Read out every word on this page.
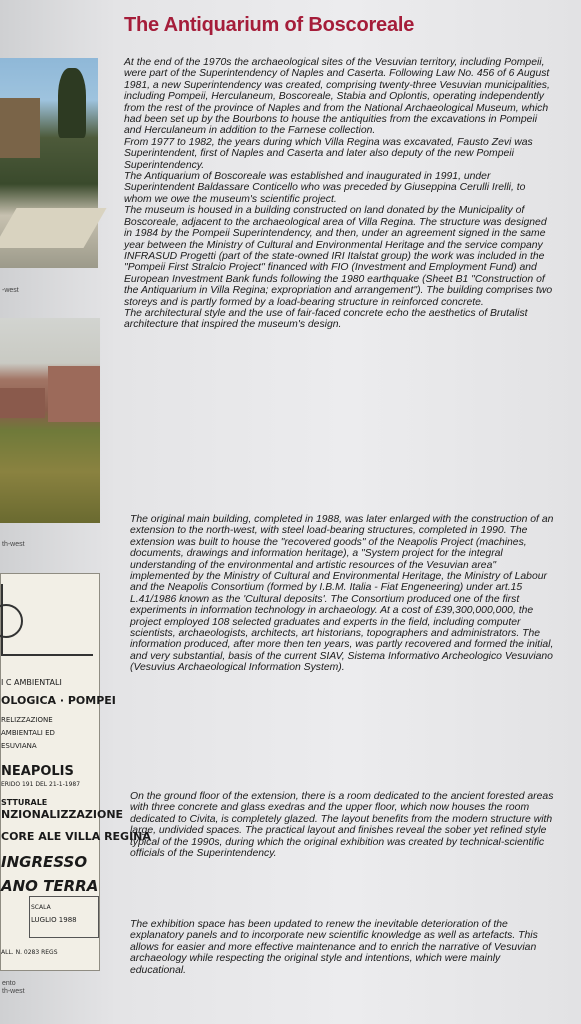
-west
th-west
I C AMBIENTALI
OLOGICA · POMPEI
RELIZZAZIONE
AMBIENTALI ED
ESUVIANA
NEAPOLIS
ERIDO 191 DEL 21-1-1987
STTURALE
NZIONALIZZAZIONE
CORE ALE VILLA REGINA
INGRESSO
ANO TERRA
SCALA
LUGLIO 1988
ALL. N. 0283 REGS
ento
th-west
The Antiquarium of Boscoreale

At the end of the 1970s the archaeological sites of the Vesuvian territory, including Pompeii, were part of the Superintendency of Naples and Caserta. Following Law No. 456 of 6 August 1981, a new Superintendency was created, comprising twenty-three Vesuvian municipalities, including Pompeii, Herculaneum, Boscoreale, Stabia and Oplontis, operating independently from the rest of the province of Naples and from the National Archaeological Museum, which had been set up by the Bourbons to house the antiquities from the excavations in Pompeii and Herculaneum in addition to the Farnese collection.

From 1977 to 1982, the years during which Villa Regina was excavated, Fausto Zevi was Superintendent, first of Naples and Caserta and later also deputy of the new Pompeii Superintendency.

The Antiquarium of Boscoreale was established and inaugurated in 1991, under Superintendent Baldassare Conticello who was preceded by Giuseppina Cerulli Irelli, to whom we owe the museum's scientific project.

The museum is housed in a building constructed on land donated by the Municipality of Boscoreale, adjacent to the archaeological area of Villa Regina. The structure was designed in 1984 by the Pompeii Superintendency, and then, under an agreement signed in the same year between the Ministry of Cultural and Environmental Heritage and the service company INFRASUD Progetti (part of the state-owned IRI Italstat group) the work was included in the "Pompeii First Stralcio Project" financed with FIO (Investment and Employment Fund) and European Investment Bank funds following the 1980 earthquake (Sheet B1 "Construction of the Antiquarium in Villa Regina; expropriation and arrangement"). The building comprises two storeys and is partly formed by a load-bearing structure in reinforced concrete.

The architectural style and the use of fair-faced concrete echo the aesthetics of Brutalist architecture that inspired the museum's design.

The original main building, completed in 1988, was later enlarged with the construction of an extension to the north-west, with steel load-bearing structures, completed in 1990. The extension was built to house the "recovered goods" of the Neapolis Project (machines, documents, drawings and information heritage), a "System project for the integral understanding of the environmental and artistic resources of the Vesuvian area" implemented by the Ministry of Cultural and Environmental Heritage, the Ministry of Labour and the Neapolis Consortium (formed by I.B.M. Italia - Fiat Engeneering) under art.15 L.41/1986 known as the 'Cultural deposits'. The Consortium produced one of the first experiments in information technology in archaeology. At a cost of £39,300,000,000, the project employed 108 selected graduates and experts in the field, including computer scientists, archaeologists, architects, art historians, topographers and administrators. The information produced, after more then ten years, was partly recovered and formed the initial, and very substantial, basis of the current SIAV, Sistema Informativo Archeologico Vesuviano (Vesuvius Archaeological Information System).

On the ground floor of the extension, there is a room dedicated to the ancient forested areas with three concrete and glass exedras and the upper floor, which now houses the room dedicated to Civita, is completely glazed. The layout benefits from the modern structure with large, undivided spaces. The practical layout and finishes reveal the sober yet refined style typical of the 1990s, during which the original exhibition was created by technical-scientific officials of the Superintendency.

The exhibition space has been updated to renew the inevitable deterioration of the explanatory panels and to incorporate new scientific knowledge as well as artefacts. This allows for easier and more effective maintenance and to enrich the narrative of Vesuvian archaeology while respecting the original style and intentions, which were mainly educational.
